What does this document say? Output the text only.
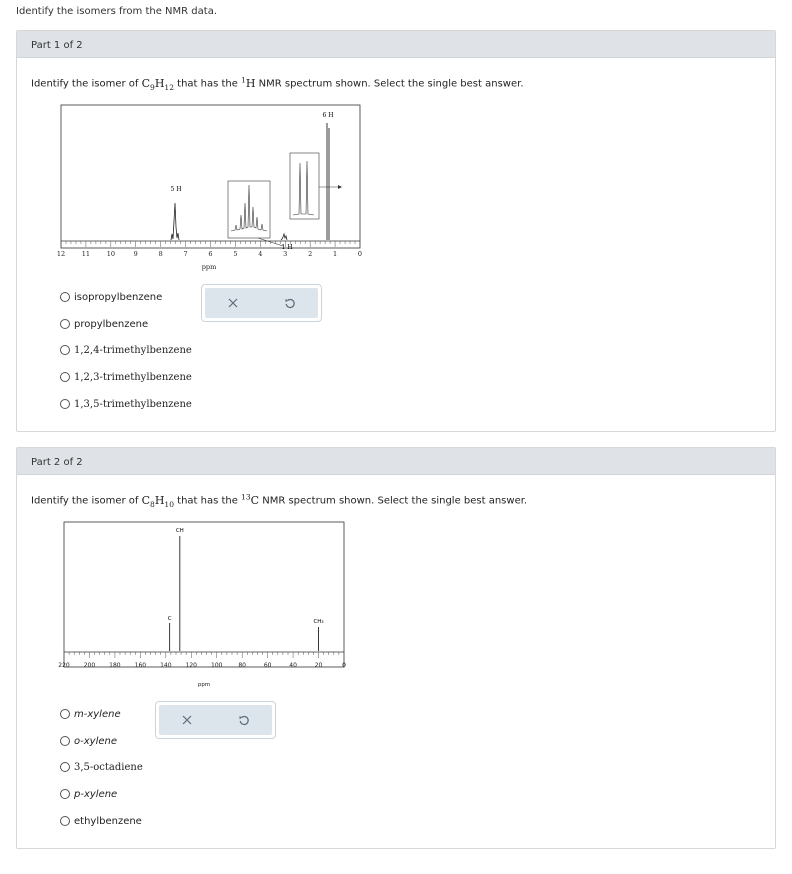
Identify the isomers from the NMR data.
Part 1 of 2
Identify the isomer of $C_9H_{12}$ that has the $^1$H NMR spectrum shown. Select the single best answer.
12	11	10	9	8	7	6	5	4	3	2	1	0
ppm
5 H
1 H
6 H
isopropylbenzene
propylbenzene
1,2,4-trimethylbenzene
1,2,3-trimethylbenzene
1,3,5-trimethylbenzene
Part 2 of 2
Identify the isomer of $C_8H_{10}$ that has the $^{13}$C NMR spectrum shown. Select the single best answer.
220 200 180 160 140 120 100	80	60	40	20	0
ppm
CH
C	CH₃
m-xylene
o-xylene
3,5-octadiene
p-xylene
ethylbenzene
